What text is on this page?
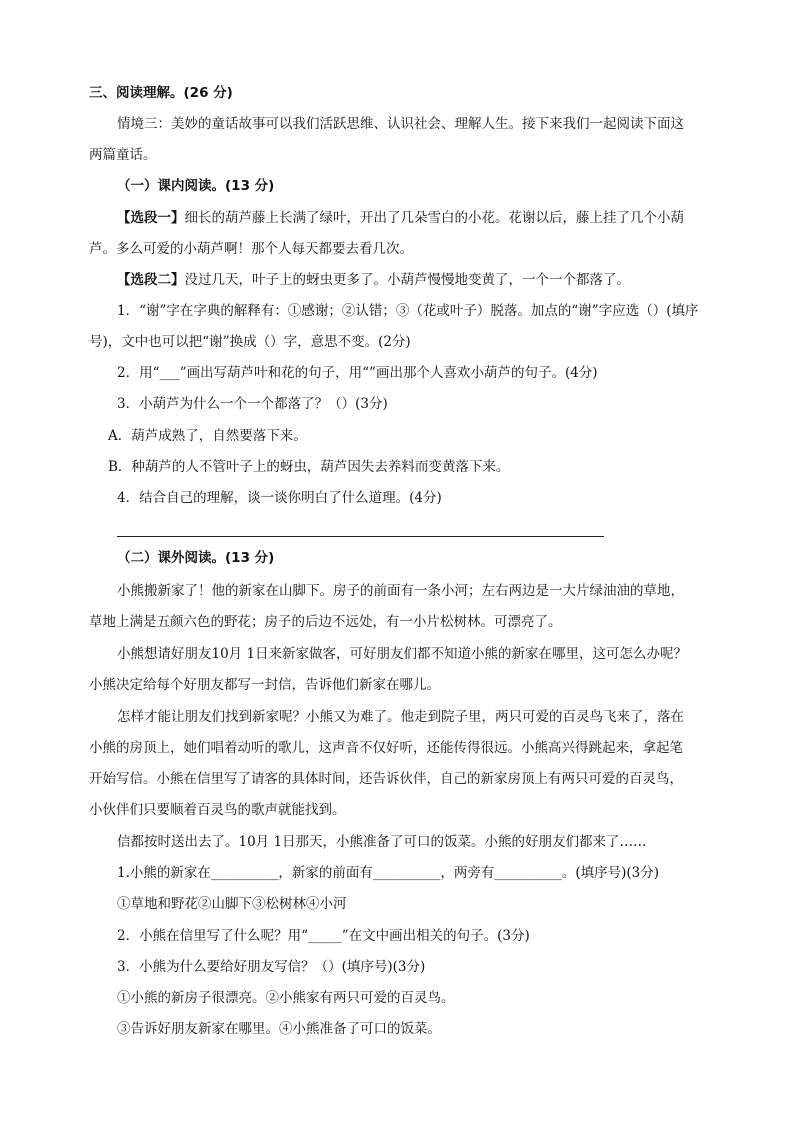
三、阅读理解。(26 分)
情境三：美妙的童话故事可以我们活跃思维、认识社会、理解人生。接下来我们一起阅读下面这
两篇童话。
（一）课内阅读。(13 分)
【选段一】细长的葫芦藤上长满了绿叶，开出了几朵雪白的小花。花谢以后，藤上挂了几个小葫
芦。多么可爱的小葫芦啊！那个人每天都要去看几次。
【选段二】没过几天，叶子上的蚜虫更多了。小葫芦慢慢地变黄了，一个一个都落了。
1．“谢”字在字典的解释有：①感谢；②认错；③（花或叶子）脱落。加点的“谢”字应选（）(填序
号)，文中也可以把“谢”换成（）字，意思不变。(2分)
2．用“___”画出写葫芦叶和花的句子，用“”画出那个人喜欢小葫芦的句子。(4分)
3．小葫芦为什么一个一个都落了？（）(3分)
A．葫芦成熟了，自然要落下来。
B．种葫芦的人不管叶子上的蚜虫，葫芦因失去养料而变黄落下来。
4．结合自己的理解，谈一谈你明白了什么道理。(4分)
（二）课外阅读。(13 分)
小熊搬新家了！他的新家在山脚下。房子的前面有一条小河；左右两边是一大片绿油油的草地，
草地上满是五颜六色的野花；房子的后边不远处，有一小片松树林。可漂亮了。
小熊想请好朋友10月 1日来新家做客，可好朋友们都不知道小熊的新家在哪里，这可怎么办呢？
小熊决定给每个好朋友都写一封信，告诉他们新家在哪儿。
怎样才能让朋友们找到新家呢？小熊又为难了。他走到院子里，两只可爱的百灵鸟飞来了，落在
小熊的房顶上，她们唱着动听的歌儿，这声音不仅好听，还能传得很远。小熊高兴得跳起来，拿起笔
开始写信。小熊在信里写了请客的具体时间，还告诉伙伴，自己的新家房顶上有两只可爱的百灵鸟，
小伙伴们只要顺着百灵鸟的歌声就能找到。
信都按时送出去了。10月 1日那天，小熊准备了可口的饭菜。小熊的好朋友们都来了……
1.小熊的新家在__________，新家的前面有__________，两旁有__________。(填序号)(3分)
①草地和野花②山脚下③松树林④小河
2．小熊在信里写了什么呢？用“_____”在文中画出相关的句子。(3分)
3．小熊为什么要给好朋友写信？（）(填序号)(3分)
①小熊的新房子很漂亮。②小熊家有两只可爱的百灵鸟。
③告诉好朋友新家在哪里。④小熊准备了可口的饭菜。
